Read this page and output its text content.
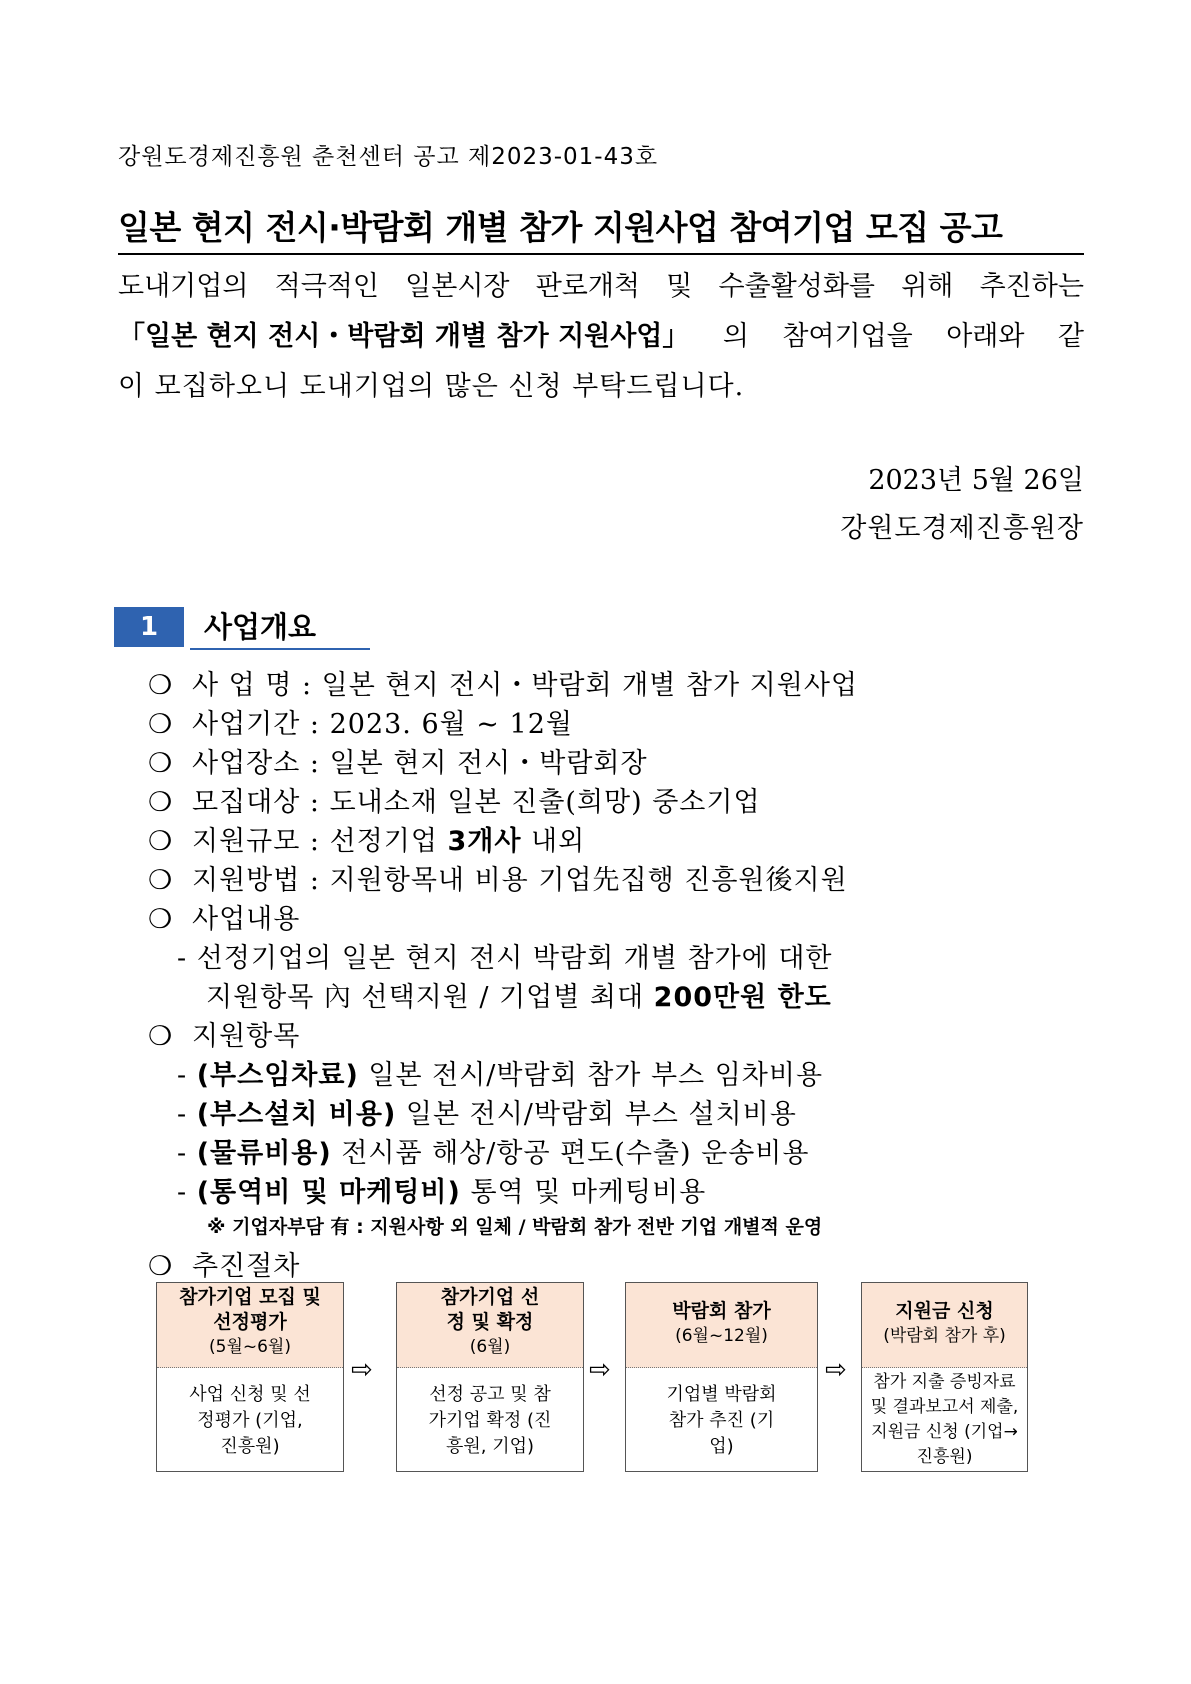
강원도경제진흥원 춘천센터 공고 제2023-01-43호
일본 현지 전시·박람회 개별 참가 지원사업 참여기업 모집 공고
도내기업의 적극적인 일본시장 판로개척 및 수출활성화를 위해 추진하는
「일본 현지 전시・박람회 개별 참가 지원사업」 의 참여기업을 아래와 같
이 모집하오니 도내기업의 많은 신청 부탁드립니다.
2023년 5월 26일
강원도경제진흥원장
1	사업개요
❍ 사 업 명 : 일본 현지 전시・박람회 개별 참가 지원사업
❍ 사업기간 : 2023. 6월 ~ 12월
❍ 사업장소 : 일본 현지 전시・박람회장
❍ 모집대상 : 도내소재 일본 진출(희망) 중소기업
❍ 지원규모 : 선정기업 3개사 내외
❍ 지원방법 : 지원항목내 비용 기업先집행 진흥원後지원
❍ 사업내용
- 선정기업의 일본 현지 전시 박람회 개별 참가에 대한
지원항목 內 선택지원 / 기업별 최대 200만원 한도
❍ 지원항목
- (부스임차료) 일본 전시/박람회 참가 부스 임차비용
- (부스설치 비용) 일본 전시/박람회 부스 설치비용
- (물류비용) 전시품 해상/항공 편도(수출) 운송비용
- (통역비 및 마케팅비) 통역 및 마케팅비용
※ 기업자부담 有 : 지원사항 외 일체 / 박람회 참가 전반 기업 개별적 운영
❍ 추진절차
참가기업 모집 및 선정평가
(5월~6월)
사업 신청 및 선정평가 (기업, 진흥원)
⇨
참가기업 선정 및 확정
(6월)
선정 공고 및 참가기업 확정 (진흥원, 기업)
⇨
박람회 참가
(6월~12월)
기업별 박람회참가 추진 (기업)
⇨
지원금 신청
(박람회 참가 후)
참가 지출 증빙자료 및 결과보고서 제출, 지원금 신청 (기업→진흥원)
